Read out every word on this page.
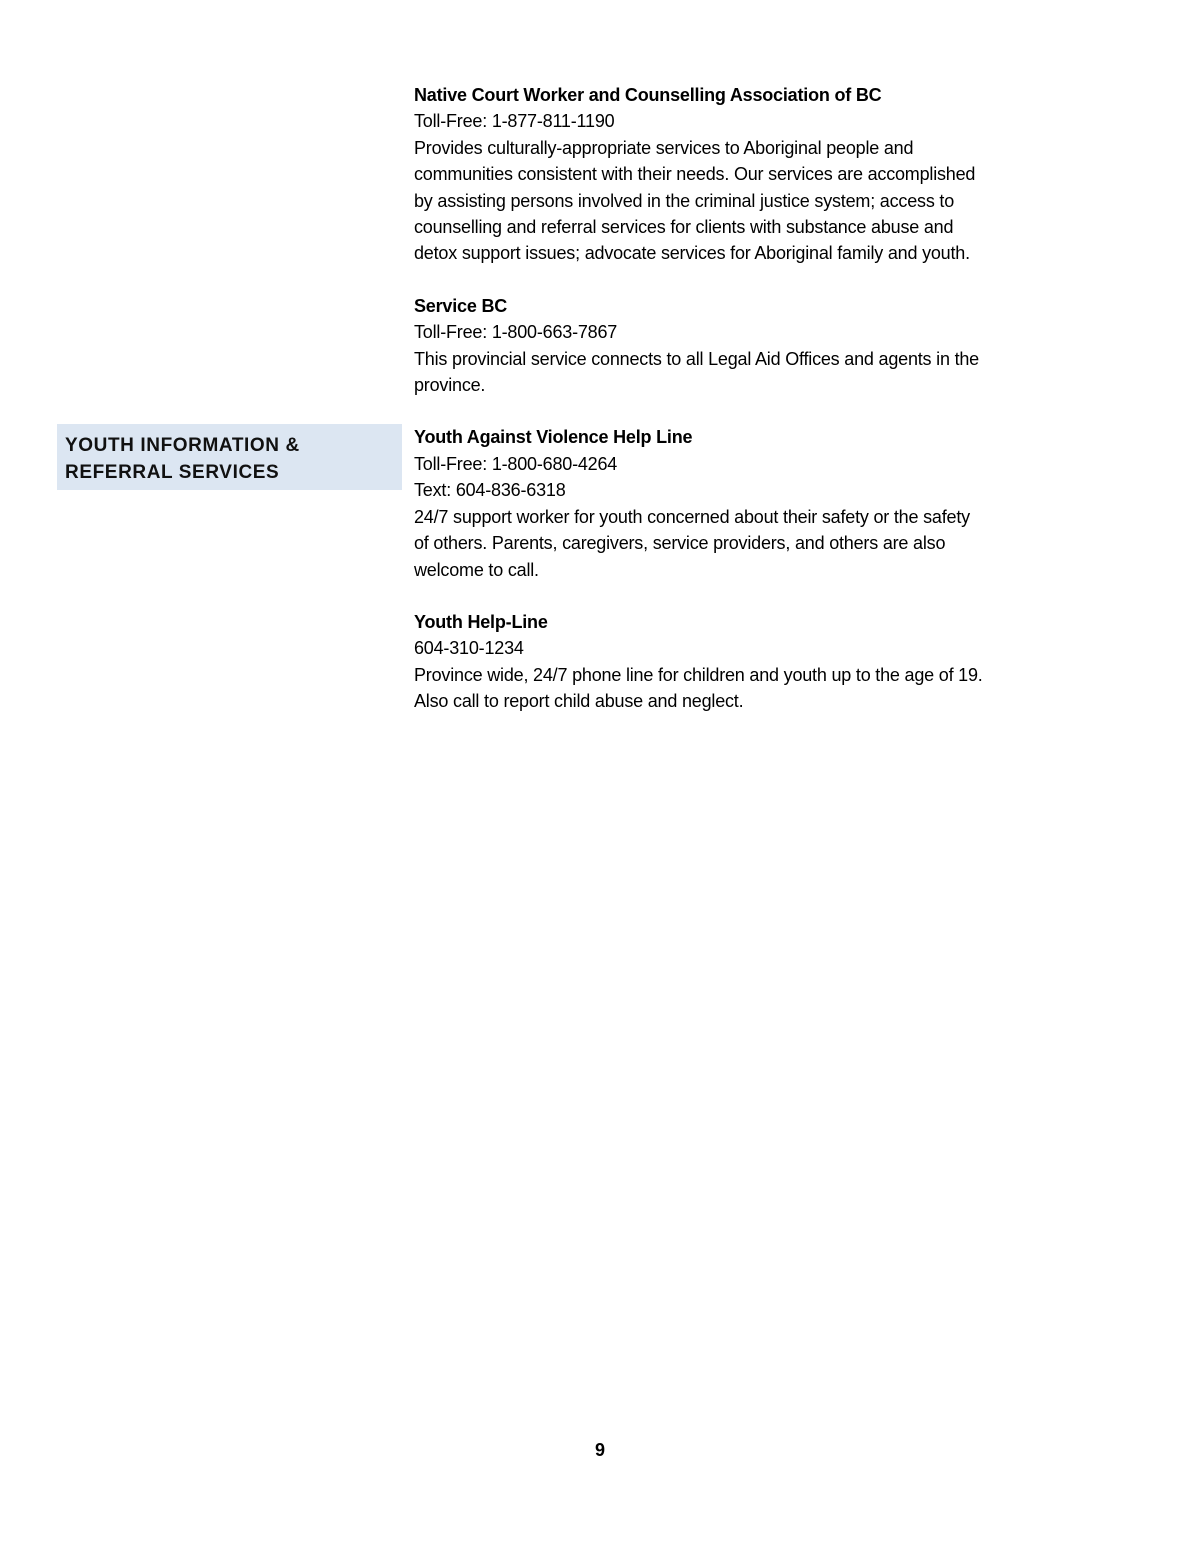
YOUTH INFORMATION &
REFERRAL SERVICES

Native Court Worker and Counselling Association of BC

Toll-Free: 1-877-811-1190

Provides culturally-appropriate services to Aboriginal people and

communities consistent with their needs. Our services are accomplished

by assisting persons involved in the criminal justice system; access to

counselling and referral services for clients with substance abuse and

detox support issues; advocate services for Aboriginal family and youth.

Service BC

Toll-Free: 1-800-663-7867

This provincial service connects to all Legal Aid Offices and agents in the

province.

Youth Against Violence Help Line

Toll-Free: 1-800-680-4264

Text: 604-836-6318

24/7 support worker for youth concerned about their safety or the safety

of others. Parents, caregivers, service providers, and others are also

welcome to call.

Youth Help-Line

604-310-1234

Province wide, 24/7 phone line for children and youth up to the age of 19.

Also call to report child abuse and neglect.

9
